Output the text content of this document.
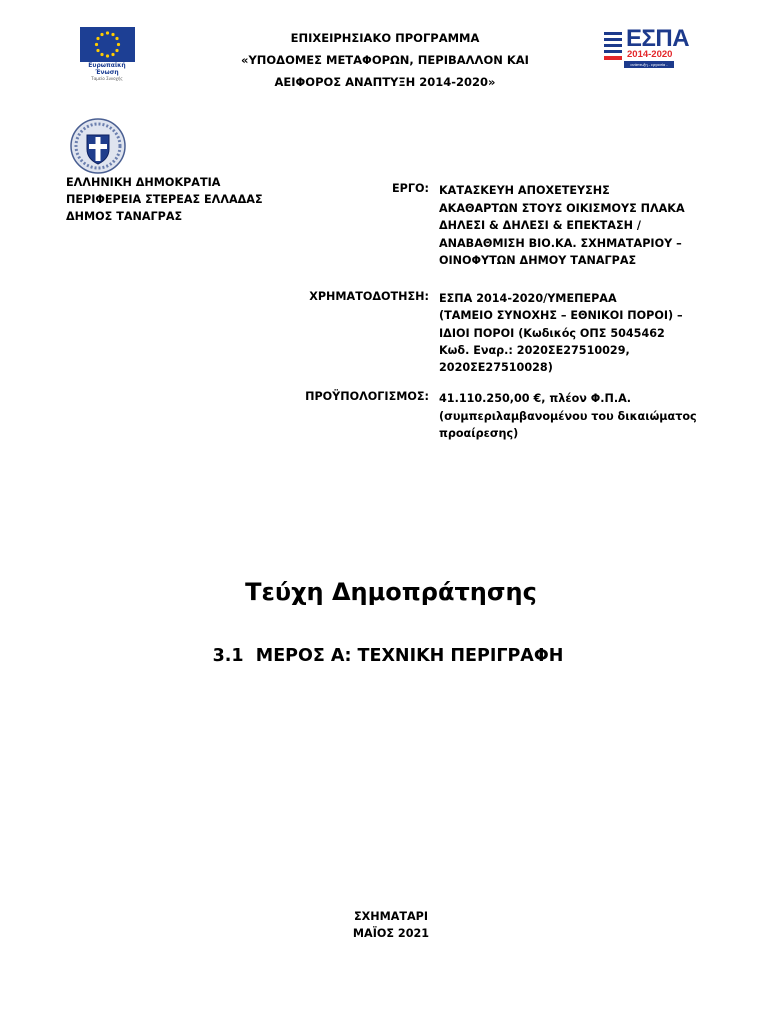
Ευρωπαϊκή Ένωση
Ταμείο Συνοχής
ΕΠΙΧΕΙΡΗΣΙΑΚΟ ΠΡΟΓΡΑΜΜΑ
«ΥΠΟΔΟΜΕΣ ΜΕΤΑΦΟΡΩΝ, ΠΕΡΙΒΑΛΛΟΝ ΚΑΙ
ΑΕΙΦΟΡΟΣ ΑΝΑΠΤΥΞΗ 2014-2020»
ΕΣΠΑ
2014-2020
ανάπτυξη - εργασία - αλληλεγγύη
ΕΛΛΗΝΙΚΗ ΔΗΜΟΚΡΑΤΙΑ
ΠΕΡΙΦΕΡΕΙΑ ΣΤΕΡΕΑΣ ΕΛΛΑΔΑΣ
ΔΗΜΟΣ ΤΑΝΑΓΡΑΣ
ΕΡΓΟ: ΚΑΤΑΣΚΕΥΗ ΑΠΟΧΕΤΕΥΣΗΣ
ΑΚΑΘΑΡΤΩΝ ΣΤΟΥΣ ΟΙΚΙΣΜΟΥΣ ΠΛΑΚΑ
ΔΗΛΕΣΙ & ΔΗΛΕΣΙ & ΕΠΕΚΤΑΣΗ /
ΑΝΑΒΑΘΜΙΣΗ ΒΙΟ.ΚΑ. ΣΧΗΜΑΤΑΡΙΟΥ –
ΟΙΝΟΦΥΤΩΝ ΔΗΜΟΥ ΤΑΝΑΓΡΑΣ
ΧΡΗΜΑΤΟΔΟΤΗΣΗ: ΕΣΠΑ 2014-2020/ΥΜΕΠΕΡΑΑ
(ΤΑΜΕΙΟ ΣΥΝΟΧΗΣ – ΕΘΝΙΚΟΙ ΠΟΡΟΙ) –
ΙΔΙΟΙ ΠΟΡΟΙ (Κωδικός ΟΠΣ 5045462
Κωδ. Εναρ.: 2020ΣΕ27510029,
2020ΣΕ27510028)
ΠΡΟΫΠΟΛΟΓΙΣΜΟΣ: 41.110.250,00 €, πλέον Φ.Π.Α.
(συμπεριλαμβανομένου του δικαιώματος
προαίρεσης)
Τεύχη Δημοπράτησης
3.1  ΜΕΡΟΣ Α: ΤΕΧΝΙΚΗ ΠΕΡΙΓΡΑΦΗ
ΣΧΗΜΑΤΑΡΙ
ΜΑΪΟΣ 2021
